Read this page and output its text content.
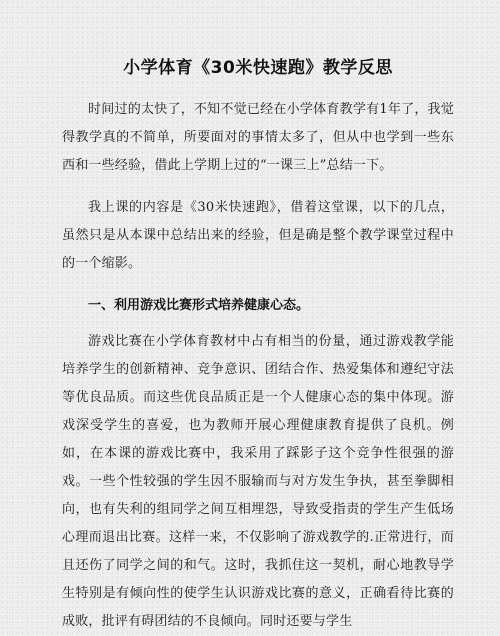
小学体育《30米快速跑》教学反思

时间过的太快了，不知不觉已经在小学体育教学有1年了，我觉得教学真的不简单，所要面对的事情太多了，但从中也学到一些东西和一些经验，借此上学期上过的“一课三上”总结一下。

我上课的内容是《30米快速跑》，借着这堂课，以下的几点，虽然只是从本课中总结出来的经验，但是确是整个教学课堂过程中的一个缩影。

一、利用游戏比赛形式培养健康心态。

游戏比赛在小学体育教材中占有相当的份量，通过游戏教学能培养学生的创新精神、竞争意识、团结合作、热爱集体和遵纪守法等优良品质。而这些优良品质正是一个人健康心态的集中体现。游戏深受学生的喜爱，也为教师开展心理健康教育提供了良机。例如，在本课的游戏比赛中，我采用了踩影子这个竞争性很强的游戏。一些个性较强的学生因不服输而与对方发生争执，甚至拳脚相向，也有失利的组同学之间互相埋怨，导致受指责的学生产生低场心理而退出比赛。这样一来，不仅影响了游戏教学的.正常进行，而且还伤了同学之间的和气。这时，我抓住这一契机，耐心地教导学生特别是有倾向性的使学生认识游戏比赛的意义，正确看待比赛的成败，批评有碍团结的不良倾向。同时还要与学生
